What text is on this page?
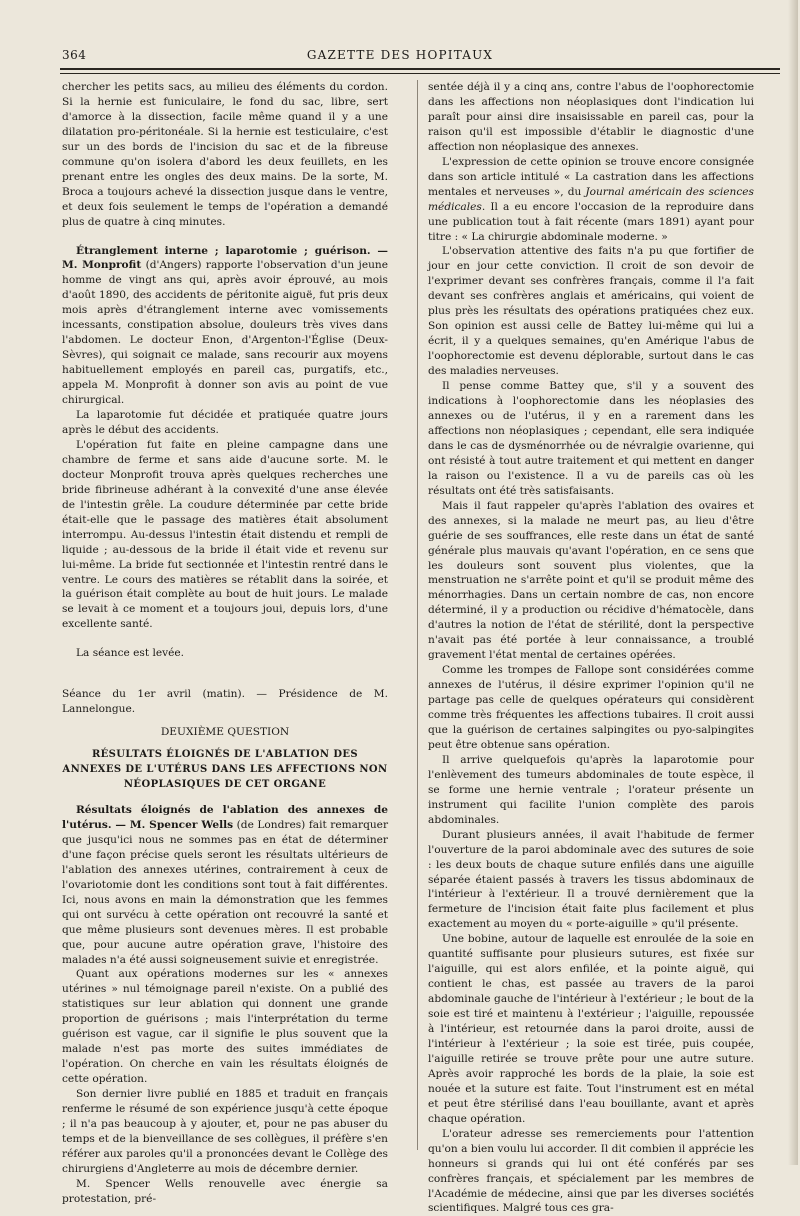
364	GAZETTE DES HOPITAUX

chercher les petits sacs, au milieu des éléments du cordon. Si la hernie est funiculaire, le fond du sac, libre, sert d'amorce à la dissection, facile même quand il y a une dilatation pro-péritonéale. Si la hernie est testiculaire, c'est sur un des bords de l'incision du sac et de la fibreuse commune qu'on isolera d'abord les deux feuillets, en les prenant entre les ongles des deux mains. De la sorte, M. Broca a toujours achevé la dissection jusque dans le ventre, et deux fois seulement le temps de l'opération a demandé plus de quatre à cinq minutes.

Étranglement interne ; laparotomie ; guérison. — M. Monprofit (d'Angers) rapporte l'observation d'un jeune homme de vingt ans qui, après avoir éprouvé, au mois d'août 1890, des accidents de péritonite aiguë, fut pris deux mois après d'étranglement interne avec vomissements incessants, constipation absolue, douleurs très vives dans l'abdomen. Le docteur Enon, d'Argenton-l'Église (Deux-Sèvres), qui soignait ce malade, sans recourir aux moyens habituellement employés en pareil cas, purgatifs, etc., appela M. Monprofit à donner son avis au point de vue chirurgical.

La laparotomie fut décidée et pratiquée quatre jours après le début des accidents.

L'opération fut faite en pleine campagne dans une chambre de ferme et sans aide d'aucune sorte. M. le docteur Monprofit trouva après quelques recherches une bride fibrineuse adhérant à la convexité d'une anse élevée de l'intestin grêle. La coudure déterminée par cette bride était-elle que le passage des matières était absolument interrompu. Au-dessus l'intestin était distendu et rempli de liquide ; au-dessous de la bride il était vide et revenu sur lui-même. La bride fut sectionnée et l'intestin rentré dans le ventre. Le cours des matières se rétablit dans la soirée, et la guérison était complète au bout de huit jours. Le malade se levait à ce moment et a toujours joui, depuis lors, d'une excellente santé.

La séance est levée.

Séance du 1er avril (matin). — Présidence de M. Lannelongue.

DEUXIÈME QUESTION

RÉSULTATS ÉLOIGNÉS DE L'ABLATION DES ANNEXES DE L'UTÉRUS DANS LES AFFECTIONS NON NÉOPLASIQUES DE CET ORGANE

Résultats éloignés de l'ablation des annexes de l'utérus. — M. Spencer Wells (de Londres) fait remarquer que jusqu'ici nous ne sommes pas en état de déterminer d'une façon précise quels seront les résultats ultérieurs de l'ablation des annexes utérines, contrairement à ceux de l'ovariotomie dont les conditions sont tout à fait différentes. Ici, nous avons en main la démonstration que les femmes qui ont survécu à cette opération ont recouvré la santé et que même plusieurs sont devenues mères. Il est probable que, pour aucune autre opération grave, l'histoire des malades n'a été aussi soigneusement suivie et enregistrée.

Quant aux opérations modernes sur les « annexes utérines » nul témoignage pareil n'existe. On a publié des statistiques sur leur ablation qui donnent une grande proportion de guérisons ; mais l'interprétation du terme guérison est vague, car il signifie le plus souvent que la malade n'est pas morte des suites immédiates de l'opération. On cherche en vain les résultats éloignés de cette opération.

Son dernier livre publié en 1885 et traduit en français renferme le résumé de son expérience jusqu'à cette époque ; il n'a pas beaucoup à y ajouter, et, pour ne pas abuser du temps et de la bienveillance de ses collègues, il préfère s'en référer aux paroles qu'il a prononcées devant le Collège des chirurgiens d'Angleterre au mois de décembre dernier.

M. Spencer Wells renouvelle avec énergie sa protestation, pré-

sentée déjà il y a cinq ans, contre l'abus de l'oophorectomie dans les affections non néoplasiques dont l'indication lui paraît pour ainsi dire insaisissable en pareil cas, pour la raison qu'il est impossible d'établir le diagnostic d'une affection non néoplasique des annexes.

L'expression de cette opinion se trouve encore consignée dans son article intitulé « La castration dans les affections mentales et nerveuses », du Journal américain des sciences médicales. Il a eu encore l'occasion de la reproduire dans une publication tout à fait récente (mars 1891) ayant pour titre : « La chirurgie abdominale moderne. »

L'observation attentive des faits n'a pu que fortifier de jour en jour cette conviction. Il croit de son devoir de l'exprimer devant ses confrères français, comme il l'a fait devant ses confrères anglais et américains, qui voient de plus près les résultats des opérations pratiquées chez eux. Son opinion est aussi celle de Battey lui-même qui lui a écrit, il y a quelques semaines, qu'en Amérique l'abus de l'oophorectomie est devenu déplorable, surtout dans le cas des maladies nerveuses.

Il pense comme Battey que, s'il y a souvent des indications à l'oophorectomie dans les néoplasies des annexes ou de l'utérus, il y en a rarement dans les affections non néoplasiques ; cependant, elle sera indiquée dans le cas de dysménorrhée ou de névralgie ovarienne, qui ont résisté à tout autre traitement et qui mettent en danger la raison ou l'existence. Il a vu de pareils cas où les résultats ont été très satisfaisants.

Mais il faut rappeler qu'après l'ablation des ovaires et des annexes, si la malade ne meurt pas, au lieu d'être guérie de ses souffrances, elle reste dans un état de santé générale plus mauvais qu'avant l'opération, en ce sens que les douleurs sont souvent plus violentes, que la menstruation ne s'arrête point et qu'il se produit même des ménorrhagies. Dans un certain nombre de cas, non encore déterminé, il y a production ou récidive d'hématocèle, dans d'autres la notion de l'état de stérilité, dont la perspective n'avait pas été portée à leur connaissance, a troublé gravement l'état mental de certaines opérées.

Comme les trompes de Fallope sont considérées comme annexes de l'utérus, il désire exprimer l'opinion qu'il ne partage pas celle de quelques opérateurs qui considèrent comme très fréquentes les affections tubaires. Il croit aussi que la guérison de certaines salpingites ou pyo-salpingites peut être obtenue sans opération.

Il arrive quelquefois qu'après la laparotomie pour l'enlèvement des tumeurs abdominales de toute espèce, il se forme une hernie ventrale ; l'orateur présente un instrument qui facilite l'union complète des parois abdominales.

Durant plusieurs années, il avait l'habitude de fermer l'ouverture de la paroi abdominale avec des sutures de soie : les deux bouts de chaque suture enfilés dans une aiguille séparée étaient passés à travers les tissus abdominaux de l'intérieur à l'extérieur. Il a trouvé dernièrement que la fermeture de l'incision était faite plus facilement et plus exactement au moyen du « porte-aiguille » qu'il présente.

Une bobine, autour de laquelle est enroulée de la soie en quantité suffisante pour plusieurs sutures, est fixée sur l'aiguille, qui est alors enfilée, et la pointe aiguë, qui contient le chas, est passée au travers de la paroi abdominale gauche de l'intérieur à l'extérieur ; le bout de la soie est tiré et maintenu à l'extérieur ; l'aiguille, repoussée à l'intérieur, est retournée dans la paroi droite, aussi de l'intérieur à l'extérieur ; la soie est tirée, puis coupée, l'aiguille retirée se trouve prête pour une autre suture. Après avoir rapproché les bords de la plaie, la soie est nouée et la suture est faite. Tout l'instrument est en métal et peut être stérilisé dans l'eau bouillante, avant et après chaque opération.

L'orateur adresse ses remerciements pour l'attention qu'on a bien voulu lui accorder. Il dit combien il apprécie les honneurs si grands qui lui ont été conférés par ses confrères français, et spécialement par les membres de l'Académie de médecine, ainsi que par les diverses sociétés scientifiques. Malgré tous ces gra-
